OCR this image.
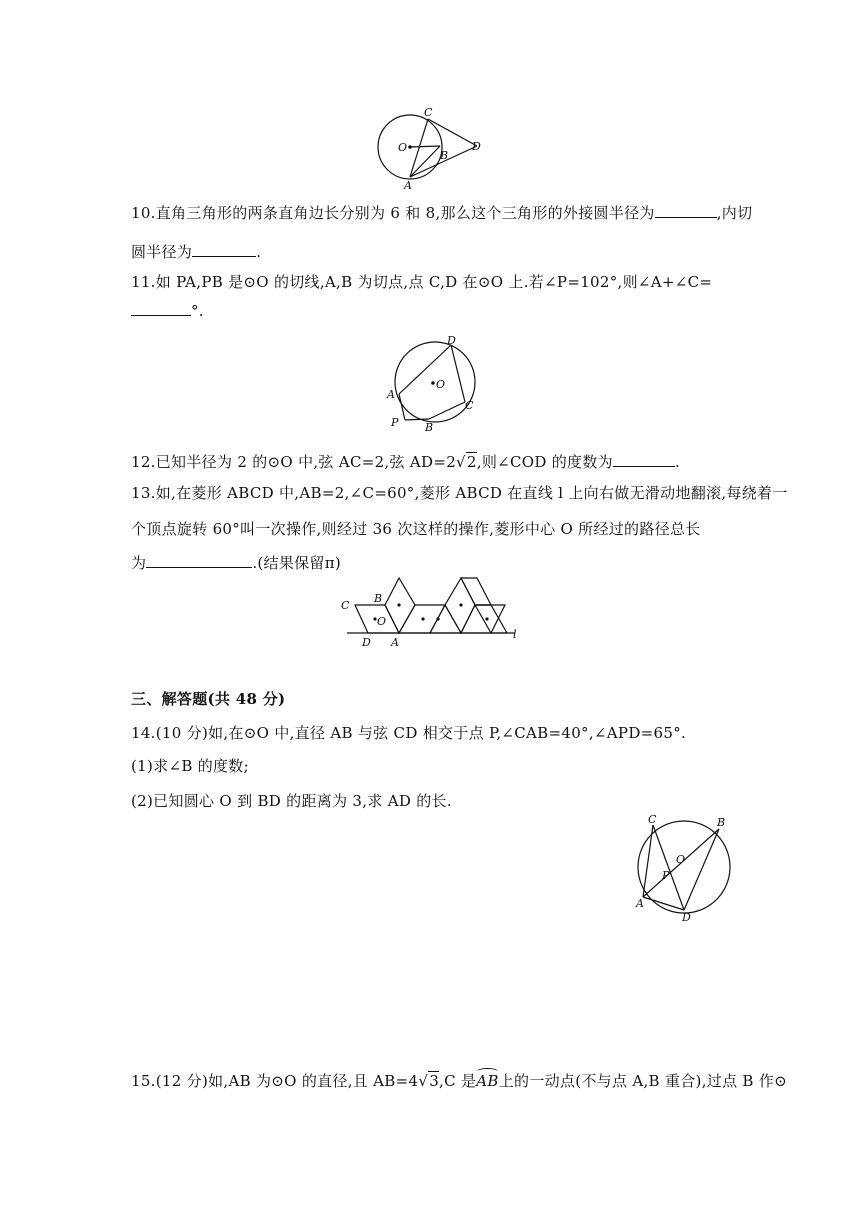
C
O
B
D
A
10.直角三角形的两条直角边长分别为 6 和 8,那么这个三角形的外接圆半径为	,内切
圆半径为	.
11.如 PA,PB 是⊙O 的切线,A,B 为切点,点 C,D 在⊙O 上.若∠P=102°,则∠A+∠C=
°.
D
O
A
C
P B
12.已知半径为 2 的⊙O 中,弦 AC=2,弦 AD=2√2,则∠COD 的度数为	.
13.如,在菱形 ABCD 中,AB=2,∠C=60°,菱形 ABCD 在直线 l 上向右做无滑动地翻滚,每绕着一
个顶点旋转 60°叫一次操作,则经过 36 次这样的操作,菱形中心 O 所经过的路径总长
为	.(结果保留π)
C
B
O
D A
l
三、解答题(共 48 分)
14.(10 分)如,在⊙O 中,直径 AB 与弦 CD 相交于点 P,∠CAB=40°,∠APD=65°.
(1)求∠B 的度数;
(2)已知圆心 O 到 BD 的距离为 3,求 AD 的长.
C	B
O
P
A
D
15.(12 分)如,AB 为⊙O 的直径,且 AB=4√3,C 是AB上的一动点(不与点 A,B 重合),过点 B 作⊙
